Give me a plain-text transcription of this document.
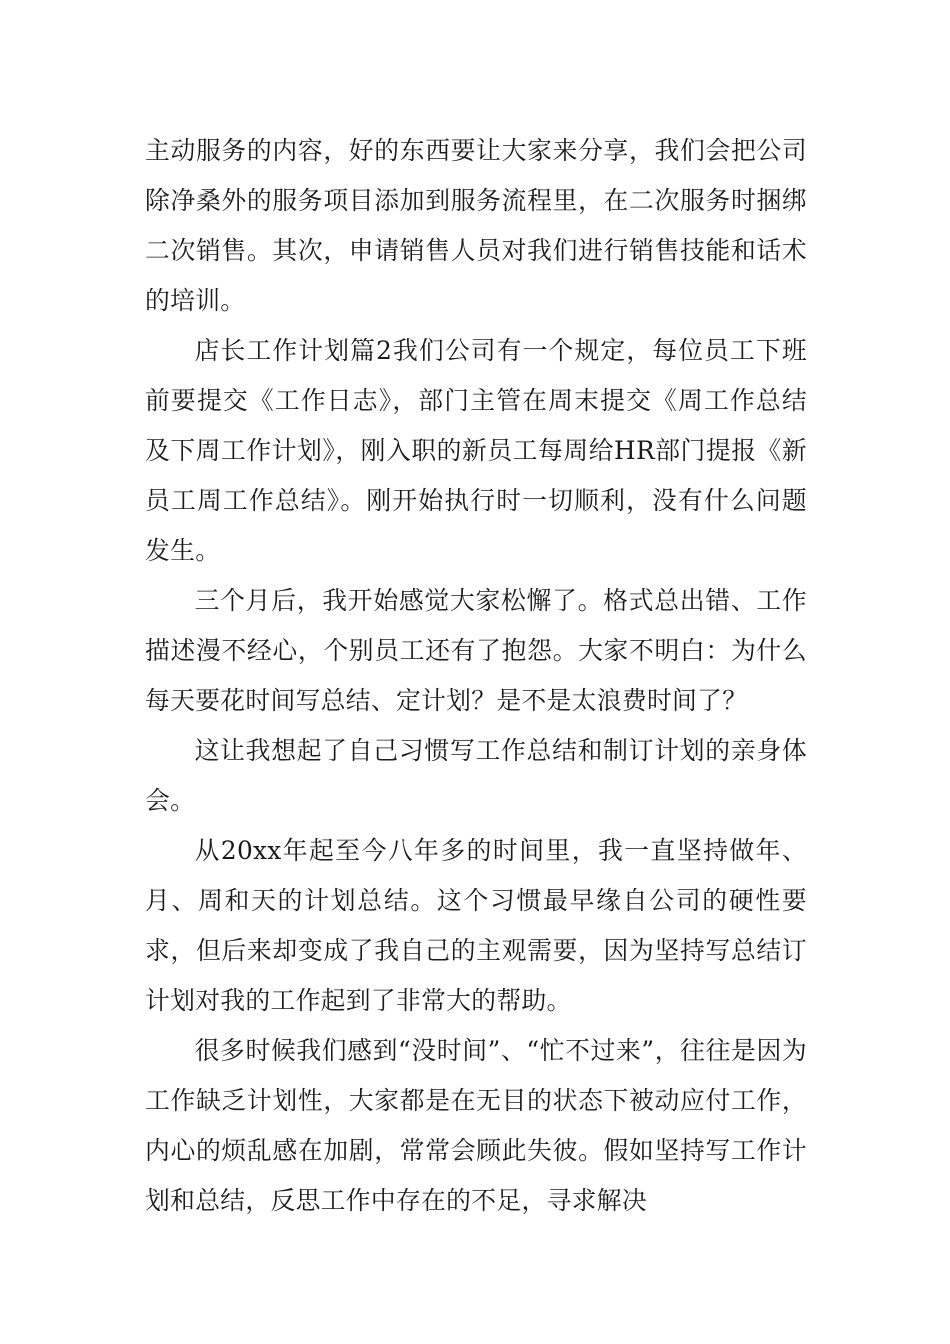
主动服务的内容，好的东西要让大家来分享，我们会把公司除净桑外的服务项目添加到服务流程里，在二次服务时捆绑二次销售。其次，申请销售人员对我们进行销售技能和话术的培训。

店长工作计划篇2我们公司有一个规定，每位员工下班前要提交《工作日志》，部门主管在周末提交《周工作总结及下周工作计划》，刚入职的新员工每周给HR部门提报《新员工周工作总结》。刚开始执行时一切顺利，没有什么问题发生。

三个月后，我开始感觉大家松懈了。格式总出错、工作描述漫不经心，个别员工还有了抱怨。大家不明白：为什么每天要花时间写总结、定计划？是不是太浪费时间了？

这让我想起了自己习惯写工作总结和制订计划的亲身体会。

从20xx年起至今八年多的时间里，我一直坚持做年、月、周和天的计划总结。这个习惯最早缘自公司的硬性要求，但后来却变成了我自己的主观需要，因为坚持写总结订计划对我的工作起到了非常大的帮助。

很多时候我们感到“没时间”、“忙不过来”，往往是因为工作缺乏计划性，大家都是在无目的状态下被动应付工作，内心的烦乱感在加剧，常常会顾此失彼。假如坚持写工作计划和总结，反思工作中存在的不足，寻求解决
